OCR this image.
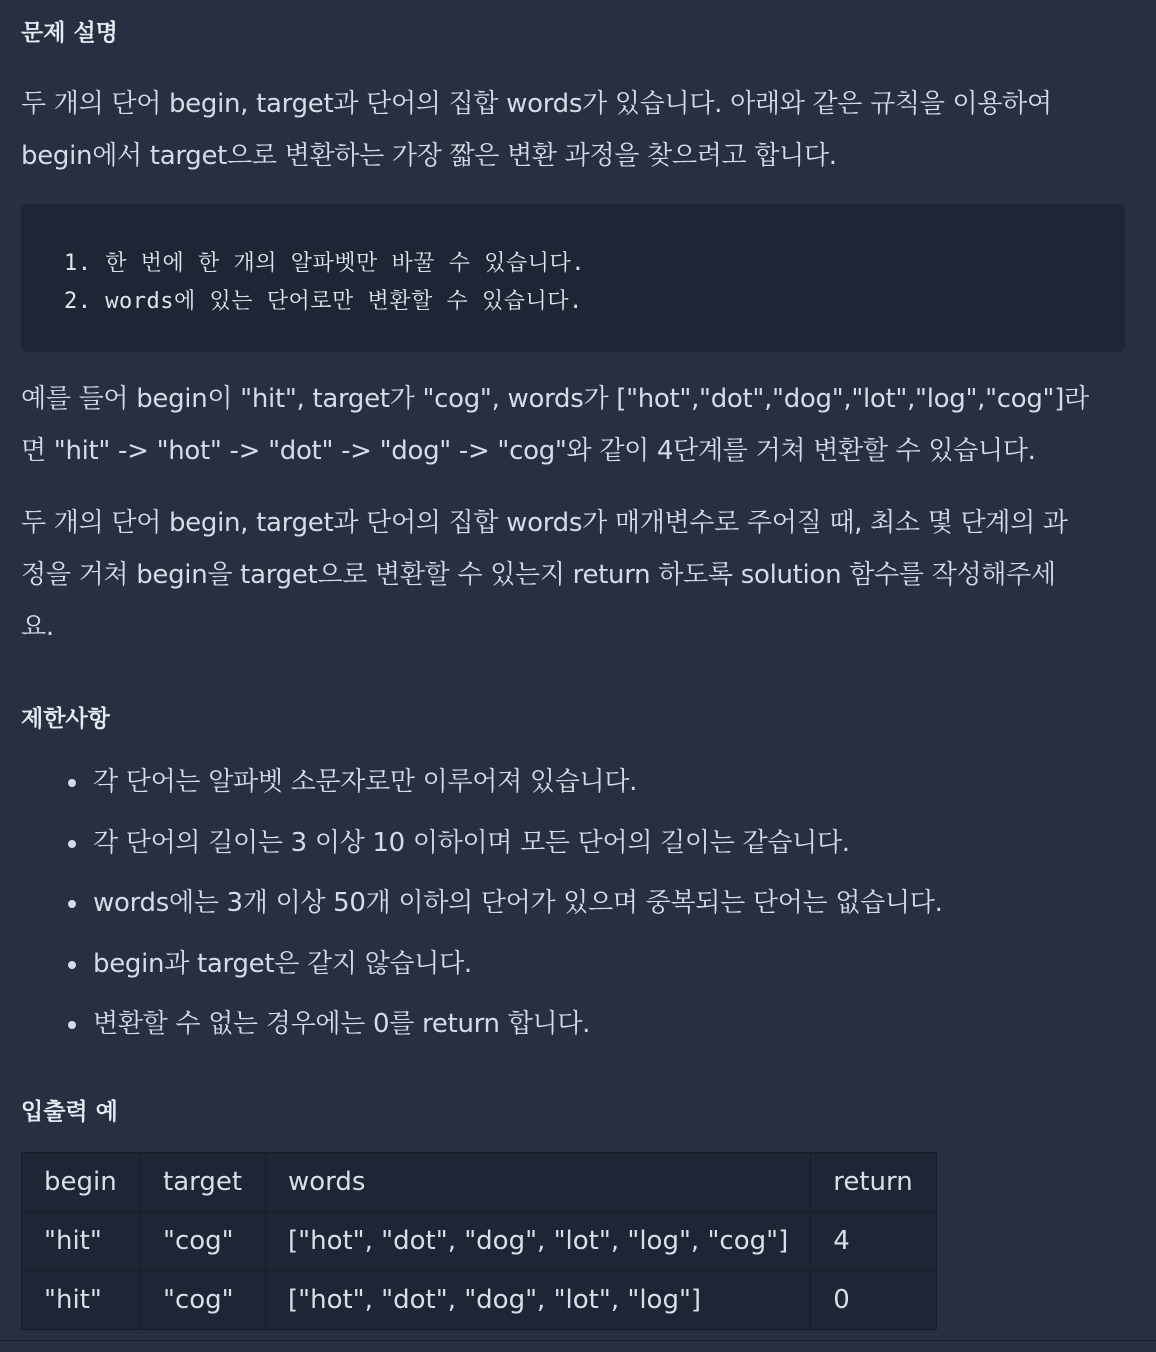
문제 설명
두 개의 단어 begin, target과 단어의 집합 words가 있습니다. 아래와 같은 규칙을 이용하여
begin에서 target으로 변환하는 가장 짧은 변환 과정을 찾으려고 합니다.
1. 한 번에 한 개의 알파벳만 바꿀 수 있습니다.
2. words에 있는 단어로만 변환할 수 있습니다.
예를 들어 begin이 "hit", target가 "cog", words가 ["hot","dot","dog","lot","log","cog"]라
면 "hit" -> "hot" -> "dot" -> "dog" -> "cog"와 같이 4단계를 거쳐 변환할 수 있습니다.
두 개의 단어 begin, target과 단어의 집합 words가 매개변수로 주어질 때, 최소 몇 단계의 과
정을 거쳐 begin을 target으로 변환할 수 있는지 return 하도록 solution 함수를 작성해주세
요.
제한사항
각 단어는 알파벳 소문자로만 이루어져 있습니다.
각 단어의 길이는 3 이상 10 이하이며 모든 단어의 길이는 같습니다.
words에는 3개 이상 50개 이하의 단어가 있으며 중복되는 단어는 없습니다.
begin과 target은 같지 않습니다.
변환할 수 없는 경우에는 0를 return 합니다.
입출력 예
begin	target	words	return
"hit"	"cog"	["hot", "dot", "dog", "lot", "log", "cog"]	4
"hit"	"cog"	["hot", "dot", "dog", "lot", "log"]	0
